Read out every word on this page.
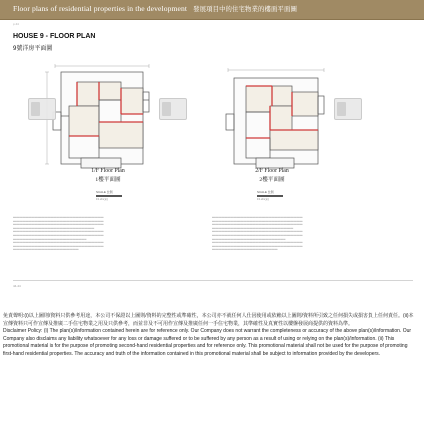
Floor plans of residential properties in the development 發展項目中的住宅物業的樓面平面圖
p.44
HOUSE 9 - FLOOR PLAN
9號洋房平面圖
1/F Floor Plan
1樓平面圖
2/F Floor Plan
2樓平面圖
SCALE 比例
0 1 2m(米)
SCALE 比例
0 1 2m(米)

━━━━━━━━━━━━━━━━━━━━━━━━━━━━━━━━━━━━━━━━━━━━━━━━━━━━━━━━━━
━━━━━━━━━━━━━━━━━━━━━━━━━━━━━━━━━━━━━━━━━━━━━━━━━━━━━━━━━━
━━━━━━━━━━━━━━━━━━━━━━━━━━━━━━━━━━━━━━━━━━━━━━━━━━━━━━━━━━
━━━━━━━━━━━━━━━━━━━━━━━━━━━━━━━━━━━━━━━━━━━━━━━━━━━━
━━━━━━━━━━━━━━━━━━━━━━━━━━━━━━━━━━━━━━━━━━━━━━━━━━━━━━━━━━
━━━━━━━━━━━━━━━━━━━━━━━━━━━━━━━━━━━━━━━━━━━━━━━━━━━━━━━━━━
━━━━━━━━━━━━━━━━━━━━━━━━━━━━━━━━━━━━━━━━━━━━━━━
━━━━━━━━━━━━━━━━━━━━━━━━━━━━━━━━━━━━━━━━━━━━━━━━━━━━━━━━━━
━━━━━━━━━━━━━━━━━━━━━━━━━━━━━━━━━━━━━━━━━━━━━━━━━━━━━━━━━━
━━━━━━━━━━━━━━━━━━━━━━━━━━━━━━━━━━━━━━━━━━

━━━━━━━━━━━━━━━━━━━━━━━━━━━━━━━━━━━━━━━━━━━━━━━━━━━━━━━━━━
━━━━━━━━━━━━━━━━━━━━━━━━━━━━━━━━━━━━━━━━━━━━━━━━━━━━━━━━━━
━━━━━━━━━━━━━━━━━━━━━━━━━━━━━━━━━━━━━━━━━━━━━━━━━━━━━━━━━━
━━━━━━━━━━━━━━━━━━━━━━━━━━━━━━━━━━━━━━━━━━━━━━━━━━━━
━━━━━━━━━━━━━━━━━━━━━━━━━━━━━━━━━━━━━━━━━━━━━━━━━━━━━━━━━━
━━━━━━━━━━━━━━━━━━━━━━━━━━━━━━━━━━━━━━━━━━━━━━━━━━━━━━━━━━
━━━━━━━━━━━━━━━━━━━━━━━━━━━━━━━━━━━━━━━━━━━━━━━
━━━━━━━━━━━━━━━━━━━━━━━━━━━━━━━━━━━━━━━━━━━━━━━━━━━━━━━━━━
━━━━━━━━━━━━━━━━━━━━━━━━━━━━━━━━━━━━━━━━━━━━━━━━━━━━━━━━━━
━━━━━━━━━━━━━━━━━━━━━━━━━━━━━━━━━━━━━━━━━━
44-44

免責聲明:(i)以上圖則/資料只供參考用途，本公司不保證以上圖則/資料的完整性或準確性，本公司亦不就任何人仕因使用或依賴以上圖則/資料所引致之任何損失或損害負上任何責任。(ii)本宣傳資料只可作宣傳及推廣二手住宅物業之用及只供參考，而並非及不可用作宣傳及推廣任何一手住宅物業，其準確性及真實性以樓盤發展商提供的資料為準。

Disclaimer Policy: (i) The plan(s)/information contained herein are for reference only. Our Company does not warrant the completeness or accuracy of the above plan(s)/information. Our Company also disclaims any liability whatsoever for any loss or damage suffered or to be suffered by any person as a result of using or relying on the plan(s)/information. (ii) This promotional material is for the purpose of promoting second-hand residential properties and for reference only. This promotional material shall not be used for the purpose of promoting first-hand residential properties. The accuracy and truth of the information contained in this promotional material shall be subject to information provided by the developers.
